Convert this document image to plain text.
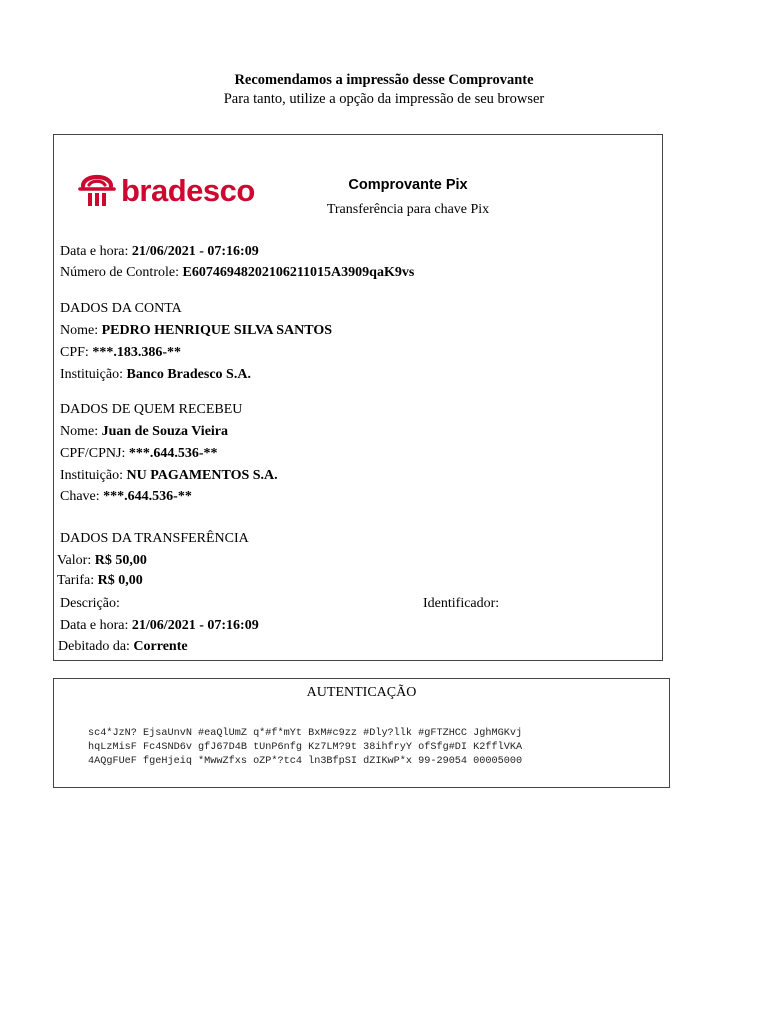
Recomendamos a impressão desse Comprovante
Para tanto, utilize a opção da impressão de seu browser
bradesco	Comprovante Pix
Transferência para chave Pix
Data e hora: 21/06/2021 - 07:16:09
Número de Controle: E60746948202106211015A3909qaK9vs
DADOS DA CONTA
Nome: PEDRO HENRIQUE SILVA SANTOS
CPF: ***.183.386-**
Instituição: Banco Bradesco S.A.
DADOS DE QUEM RECEBEU
Nome: Juan de Souza Vieira
CPF/CPNJ: ***.644.536-**
Instituição: NU PAGAMENTOS S.A.
Chave: ***.644.536-**
DADOS DA TRANSFERÊNCIA
Valor: R$ 50,00
Tarifa: R$ 0,00
Descrição:	Identificador:
Data e hora: 21/06/2021 - 07:16:09
Debitado da: Corrente
AUTENTICAÇÃO
sc4*JzN? EjsaUnvN #eaQlUmZ q*#f*mYt BxM#c9zz #Dly?llk #gFTZHCC JghMGKvj
hqLzMisF Fc4SND6v gfJ67D4B tUnP6nfg Kz7LM?9t 38ihfryY ofSfg#DI K2fflVKA
4AQgFUeF fgeHjeiq *MwwZfxs oZP*?tc4 ln3BfpSI dZIKwP*x 99-29054 00005000
